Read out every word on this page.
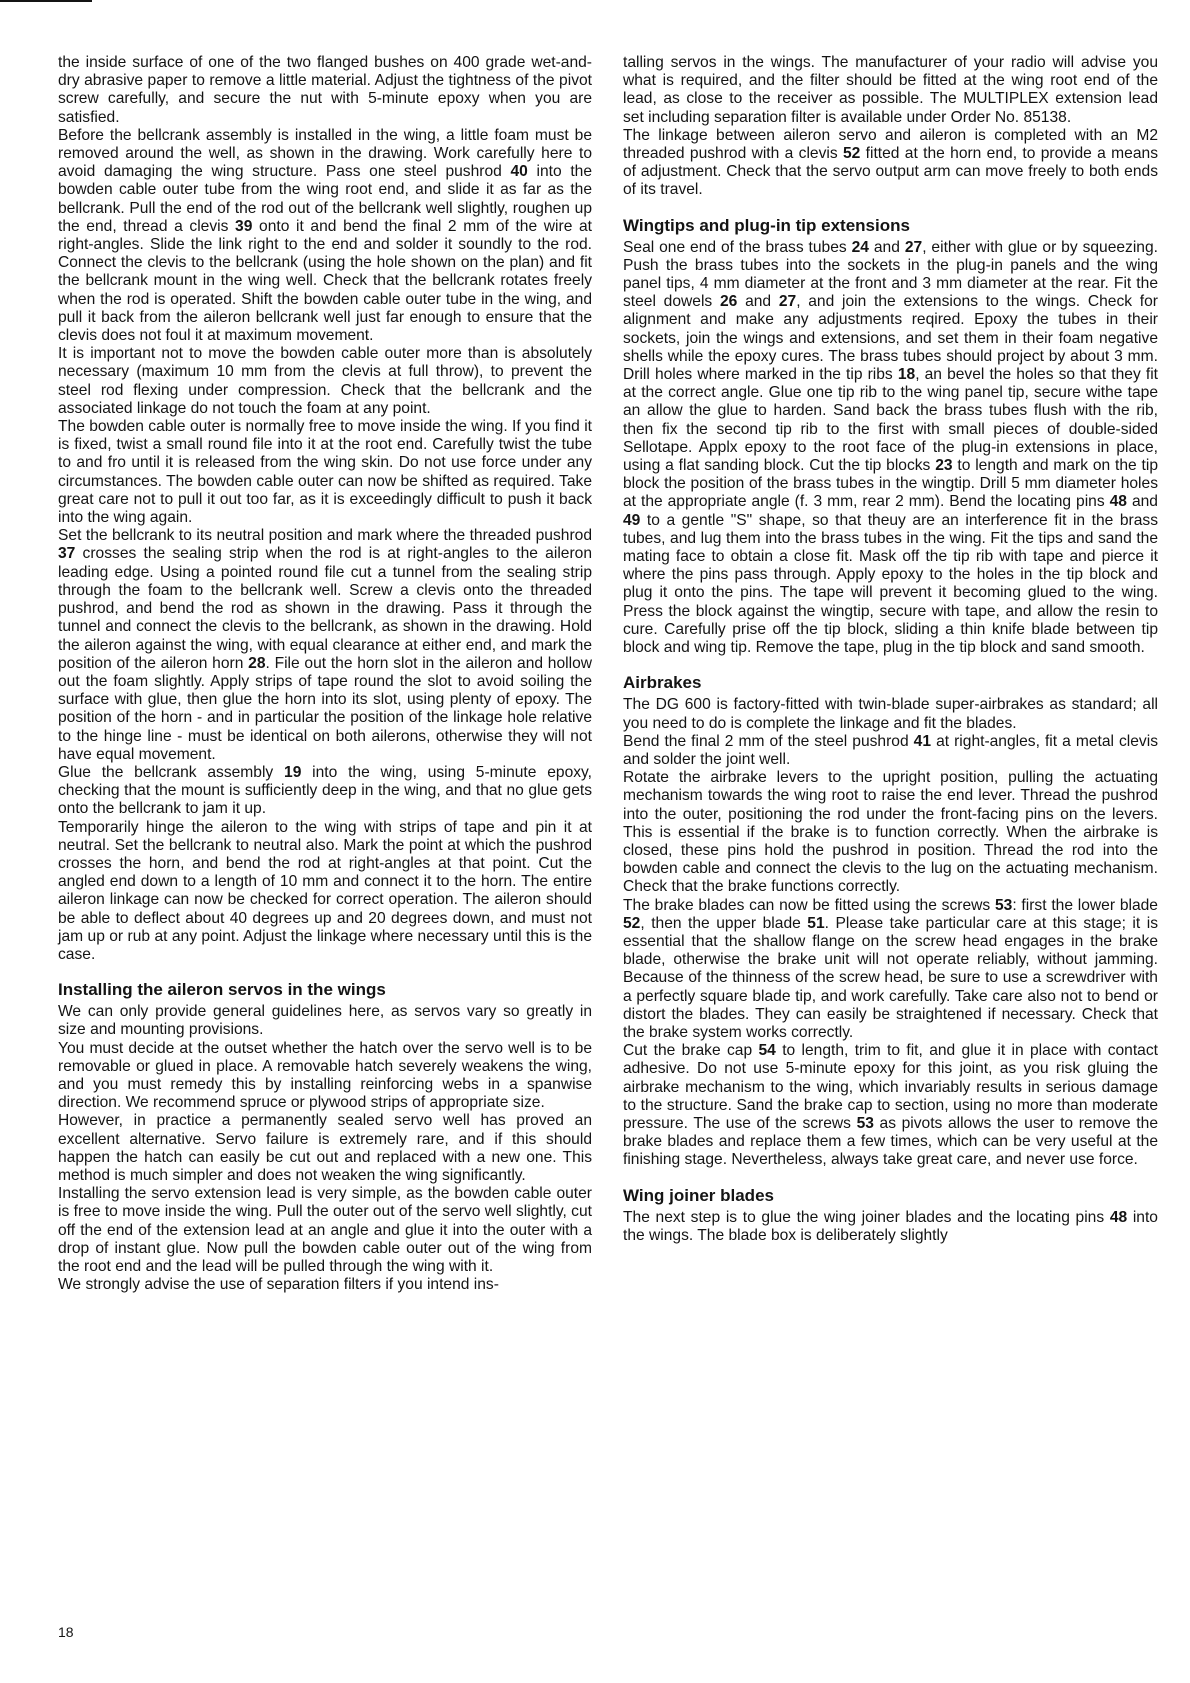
the inside surface of one of the two flanged bushes on 400 grade wet-and-dry abrasive paper to remove a little material. Adjust the tightness of the pivot screw carefully, and secure the nut with 5-minute epoxy when you are satisfied.

Before the bellcrank assembly is installed in the wing, a little foam must be removed around the well, as shown in the drawing. Work carefully here to avoid damaging the wing structure. Pass one steel pushrod 40 into the bowden cable outer tube from the wing root end, and slide it as far as the bellcrank. Pull the end of the rod out of the bellcrank well slightly, roughen up the end, thread a clevis 39 onto it and bend the final 2 mm of the wire at right-angles. Slide the link right to the end and solder it soundly to the rod. Connect the clevis to the bellcrank (using the hole shown on the plan) and fit the bellcrank mount in the wing well. Check that the bellcrank rotates freely when the rod is operated. Shift the bowden cable outer tube in the wing, and pull it back from the aileron bellcrank well just far enough to ensure that the clevis does not foul it at maximum movement.

It is important not to move the bowden cable outer more than is absolutely necessary (maximum 10 mm from the clevis at full throw), to prevent the steel rod flexing under compression. Check that the bellcrank and the associated linkage do not touch the foam at any point.

The bowden cable outer is normally free to move inside the wing. If you find it is fixed, twist a small round file into it at the root end. Carefully twist the tube to and fro until it is released from the wing skin. Do not use force under any circumstances. The bowden cable outer can now be shifted as required. Take great care not to pull it out too far, as it is exceedingly difficult to push it back into the wing again.

Set the bellcrank to its neutral position and mark where the threaded pushrod 37 crosses the sealing strip when the rod is at right-angles to the aileron leading edge. Using a pointed round file cut a tunnel from the sealing strip through the foam to the bellcrank well. Screw a clevis onto the threaded pushrod, and bend the rod as shown in the drawing. Pass it through the tunnel and connect the clevis to the bellcrank, as shown in the drawing. Hold the aileron against the wing, with equal clearance at either end, and mark the position of the aileron horn 28. File out the horn slot in the aileron and hollow out the foam slightly. Apply strips of tape round the slot to avoid soiling the surface with glue, then glue the horn into its slot, using plenty of epoxy. The position of the horn - and in particular the position of the linkage hole relative to the hinge line - must be identical on both ailerons, otherwise they will not have equal movement.

Glue the bellcrank assembly 19 into the wing, using 5-minute epoxy, checking that the mount is sufficiently deep in the wing, and that no glue gets onto the bellcrank to jam it up.

Temporarily hinge the aileron to the wing with strips of tape and pin it at neutral. Set the bellcrank to neutral also. Mark the point at which the pushrod crosses the horn, and bend the rod at right-angles at that point. Cut the angled end down to a length of 10 mm and connect it to the horn. The entire aileron linkage can now be checked for correct operation. The aileron should be able to deflect about 40 degrees up and 20 degrees down, and must not jam up or rub at any point. Adjust the linkage where necessary until this is the case.

Installing the aileron servos in the wings

We can only provide general guidelines here, as servos vary so greatly in size and mounting provisions.

You must decide at the outset whether the hatch over the servo well is to be removable or glued in place. A removable hatch severely weakens the wing, and you must remedy this by installing reinforcing webs in a spanwise direction. We recommend spruce or plywood strips of appropriate size.

However, in practice a permanently sealed servo well has proved an excellent alternative. Servo failure is extremely rare, and if this should happen the hatch can easily be cut out and replaced with a new one. This method is much simpler and does not weaken the wing significantly.

Installing the servo extension lead is very simple, as the bowden cable outer is free to move inside the wing. Pull the outer out of the servo well slightly, cut off the end of the extension lead at an angle and glue it into the outer with a drop of instant glue. Now pull the bowden cable outer out of the wing from the root end and the lead will be pulled through the wing with it.

We strongly advise the use of separation filters if you intend ins-

talling servos in the wings. The manufacturer of your radio will advise you what is required, and the filter should be fitted at the wing root end of the lead, as close to the receiver as possible. The MULTIPLEX extension lead set including separation filter is available under Order No. 85138.

The linkage between aileron servo and aileron is completed with an M2 threaded pushrod with a clevis 52 fitted at the horn end, to provide a means of adjustment. Check that the servo output arm can move freely to both ends of its travel.

Wingtips and plug-in tip extensions

Seal one end of the brass tubes 24 and 27, either with glue or by squeezing. Push the brass tubes into the sockets in the plug-in panels and the wing panel tips, 4 mm diameter at the front and 3 mm diameter at the rear. Fit the steel dowels 26 and 27, and join the extensions to the wings. Check for alignment and make any adjustments reqired. Epoxy the tubes in their sockets, join the wings and extensions, and set them in their foam negative shells while the epoxy cures. The brass tubes should project by about 3 mm. Drill holes where marked in the tip ribs 18, an bevel the holes so that they fit at the correct angle. Glue one tip rib to the wing panel tip, secure withe tape an allow the glue to harden. Sand back the brass tubes flush with the rib, then fix the second tip rib to the first with small pieces of double-sided Sellotape. Applx epoxy to the root face of the plug-in extensions in place, using a flat sanding block. Cut the tip blocks 23 to length and mark on the tip block the position of the brass tubes in the wingtip. Drill 5 mm diameter holes at the appropriate angle (f. 3 mm, rear 2 mm). Bend the locating pins 48 and 49 to a gentle "S" shape, so that theuy are an interference fit in the brass tubes, and lug them into the brass tubes in the wing. Fit the tips and sand the mating face to obtain a close fit. Mask off the tip rib with tape and pierce it where the pins pass through. Apply epoxy to the holes in the tip block and plug it onto the pins. The tape will prevent it becoming glued to the wing. Press the block against the wingtip, secure with tape, and allow the resin to cure. Carefully prise off the tip block, sliding a thin knife blade between tip block and wing tip. Remove the tape, plug in the tip block and sand smooth.

Airbrakes

The DG 600 is factory-fitted with twin-blade super-airbrakes as standard; all you need to do is complete the linkage and fit the blades.

Bend the final 2 mm of the steel pushrod 41 at right-angles, fit a metal clevis and solder the joint well.

Rotate the airbrake levers to the upright position, pulling the actuating mechanism towards the wing root to raise the end lever. Thread the pushrod into the outer, positioning the rod under the front-facing pins on the levers. This is essential if the brake is to function correctly. When the airbrake is closed, these pins hold the pushrod in position. Thread the rod into the bowden cable and connect the clevis to the lug on the actuating mechanism. Check that the brake functions correctly.

The brake blades can now be fitted using the screws 53: first the lower blade 52, then the upper blade 51. Please take particular care at this stage; it is essential that the shallow flange on the screw head engages in the brake blade, otherwise the brake unit will not operate reliably, without jamming. Because of the thinness of the screw head, be sure to use a screwdriver with a perfectly square blade tip, and work carefully. Take care also not to bend or distort the blades. They can easily be straightened if necessary. Check that the brake system works correctly.

Cut the brake cap 54 to length, trim to fit, and glue it in place with contact adhesive. Do not use 5-minute epoxy for this joint, as you risk gluing the airbrake mechanism to the wing, which invariably results in serious damage to the structure. Sand the brake cap to section, using no more than moderate pressure. The use of the screws 53 as pivots allows the user to remove the brake blades and replace them a few times, which can be very useful at the finishing stage. Nevertheless, always take great care, and never use force.

Wing joiner blades

The next step is to glue the wing joiner blades and the locating pins 48 into the wings. The blade box is deliberately slightly

18
